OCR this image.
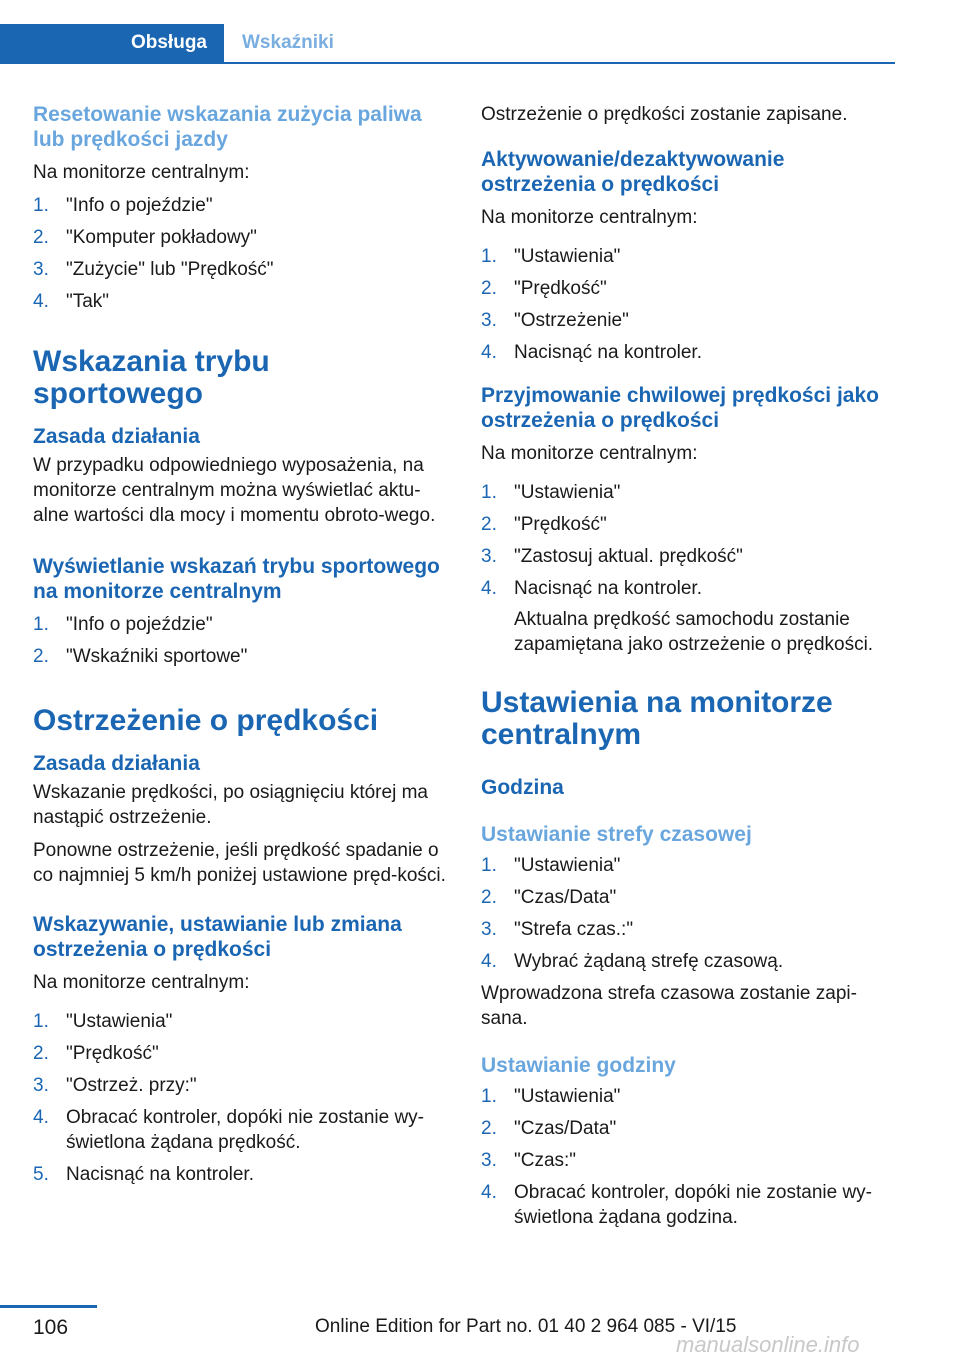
Obsługa	Wskaźniki
Resetowanie wskazania zużycia paliwa lub prędkości jazdy

Na monitorze centralnym:

1. "Info o pojeździe"
2. "Komputer pokładowy"
3. "Zużycie" lub "Prędkość"
4. "Tak"
Wskazania trybu sportowego
Zasada działania

W przypadku odpowiedniego wyposażenia, na monitorze centralnym można wyświetlać aktu-alne wartości dla mocy i momentu obroto-wego.

Wyświetlanie wskazań trybu sportowego na monitorze centralnym
1. "Info o pojeździe"
2. "Wskaźniki sportowe"
Ostrzeżenie o prędkości
Zasada działania

Wskazanie prędkości, po osiągnięciu której ma nastąpić ostrzeżenie.

Ponowne ostrzeżenie, jeśli prędkość spadanie o co najmniej 5 km/h poniżej ustawione pręd-kości.

Wskazywanie, ustawianie lub zmiana ostrzeżenia o prędkości

Na monitorze centralnym:

1. "Ustawienia"
2. "Prędkość"
3. "Ostrzeż. przy:"
4. Obracać kontroler, dopóki nie zostanie wy-świetlona żądana prędkość.
5. Nacisnąć na kontroler.

Ostrzeżenie o prędkości zostanie zapisane.

Aktywowanie/dezaktywowanie ostrzeżenia o prędkości

Na monitorze centralnym:

1. "Ustawienia"
2. "Prędkość"
3. "Ostrzeżenie"
4. Nacisnąć na kontroler.
Przyjmowanie chwilowej prędkości jako ostrzeżenia o prędkości

Na monitorze centralnym:

1. "Ustawienia"
2. "Prędkość"
3. "Zastosuj aktual. prędkość"
4. Nacisnąć na kontroler.
Aktualna prędkość samochodu zostanie zapamiętana jako ostrzeżenie o prędkości.
Ustawienia na monitorze centralnym
Godzina
Ustawianie strefy czasowej
1. "Ustawienia"
2. "Czas/Data"
3. "Strefa czas.:"
4. Wybrać żądaną strefę czasową.

Wprowadzona strefa czasowa zostanie zapi-sana.

Ustawianie godziny
1. "Ustawienia"
2. "Czas/Data"
3. "Czas:"
4. Obracać kontroler, dopóki nie zostanie wy-świetlona żądana godzina.
106	Online Edition for Part no. 01 40 2 964 085 - VI/15
manualsonline.info
